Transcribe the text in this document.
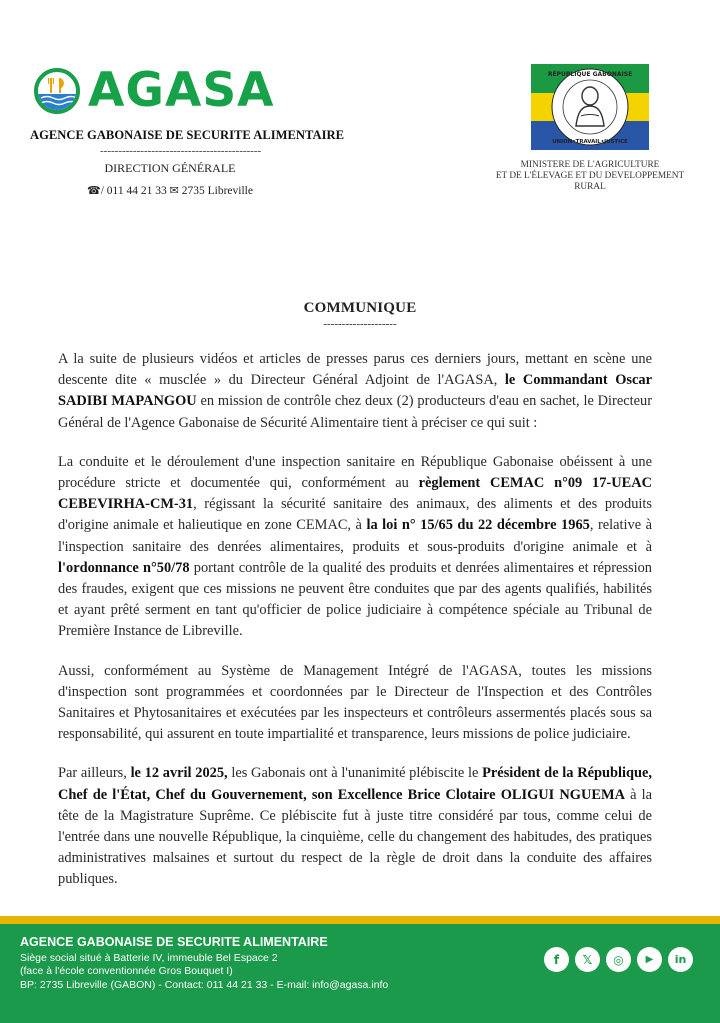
AGASA
AGENCE GABONAISE DE SECURITE ALIMENTAIRE
--------------------------------------------
DIRECTION GÉNÉRALE
☎/ 011 44 21 33 ✉ 2735 Libreville
RÉPUBLIQUE GABONAISE
UNION•TRAVAIL•JUSTICE
MINISTERE DE L'AGRICULTURE
ET DE L'ÉLEVAGE ET DU DEVELOPPEMENT
RURAL
COMMUNIQUE
--------------------

A la suite de plusieurs vidéos et articles de presses parus ces derniers jours, mettant en scène une descente dite « musclée » du Directeur Général Adjoint de l'AGASA, le Commandant Oscar SADIBI MAPANGOU en mission de contrôle chez deux (2) producteurs d'eau en sachet, le Directeur Général de l'Agence Gabonaise de Sécurité Alimentaire tient à préciser ce qui suit :

La conduite et le déroulement d'une inspection sanitaire en République Gabonaise obéissent à une procédure stricte et documentée qui, conformément au règlement CEMAC n°09 17-UEAC CEBEVIRHA-CM-31, régissant la sécurité sanitaire des animaux, des aliments et des produits d'origine animale et halieutique en zone CEMAC, à la loi n° 15/65 du 22 décembre 1965, relative à l'inspection sanitaire des denrées alimentaires, produits et sous-produits d'origine animale et à l'ordonnance n°50/78 portant contrôle de la qualité des produits et denrées alimentaires et répression des fraudes, exigent que ces missions ne peuvent être conduites que par des agents qualifiés, habilités et ayant prêté serment en tant qu'officier de police judiciaire à compétence spéciale au Tribunal de Première Instance de Libreville.

Aussi, conformément au Système de Management Intégré de l'AGASA, toutes les missions d'inspection sont programmées et coordonnées par le Directeur de l'Inspection et des Contrôles Sanitaires et Phytosanitaires et exécutées par les inspecteurs et contrôleurs assermentés placés sous sa responsabilité, qui assurent en toute impartialité et transparence, leurs missions de police judiciaire.

Par ailleurs, le 12 avril 2025, les Gabonais ont à l'unanimité plébiscite le Président de la République, Chef de l'État, Chef du Gouvernement, son Excellence Brice Clotaire OLIGUI NGUEMA à la tête de la Magistrature Suprême. Ce plébiscite fut à juste titre considéré par tous, comme celui de l'entrée dans une nouvelle République, la cinquième, celle du changement des habitudes, des pratiques administratives malsaines et surtout du respect de la règle de droit dans la conduite des affaires publiques.

AGENCE GABONAISE DE SECURITE ALIMENTAIRE
Siège social situé à Batterie IV, immeuble Bel Espace 2
(face à l'école conventionnée Gros Bouquet I)
BP: 2735 Libreville (GABON) - Contact: 011 44 21 33 - E-mail: info@agasa.info
f	𝕏	◎	▶	in
